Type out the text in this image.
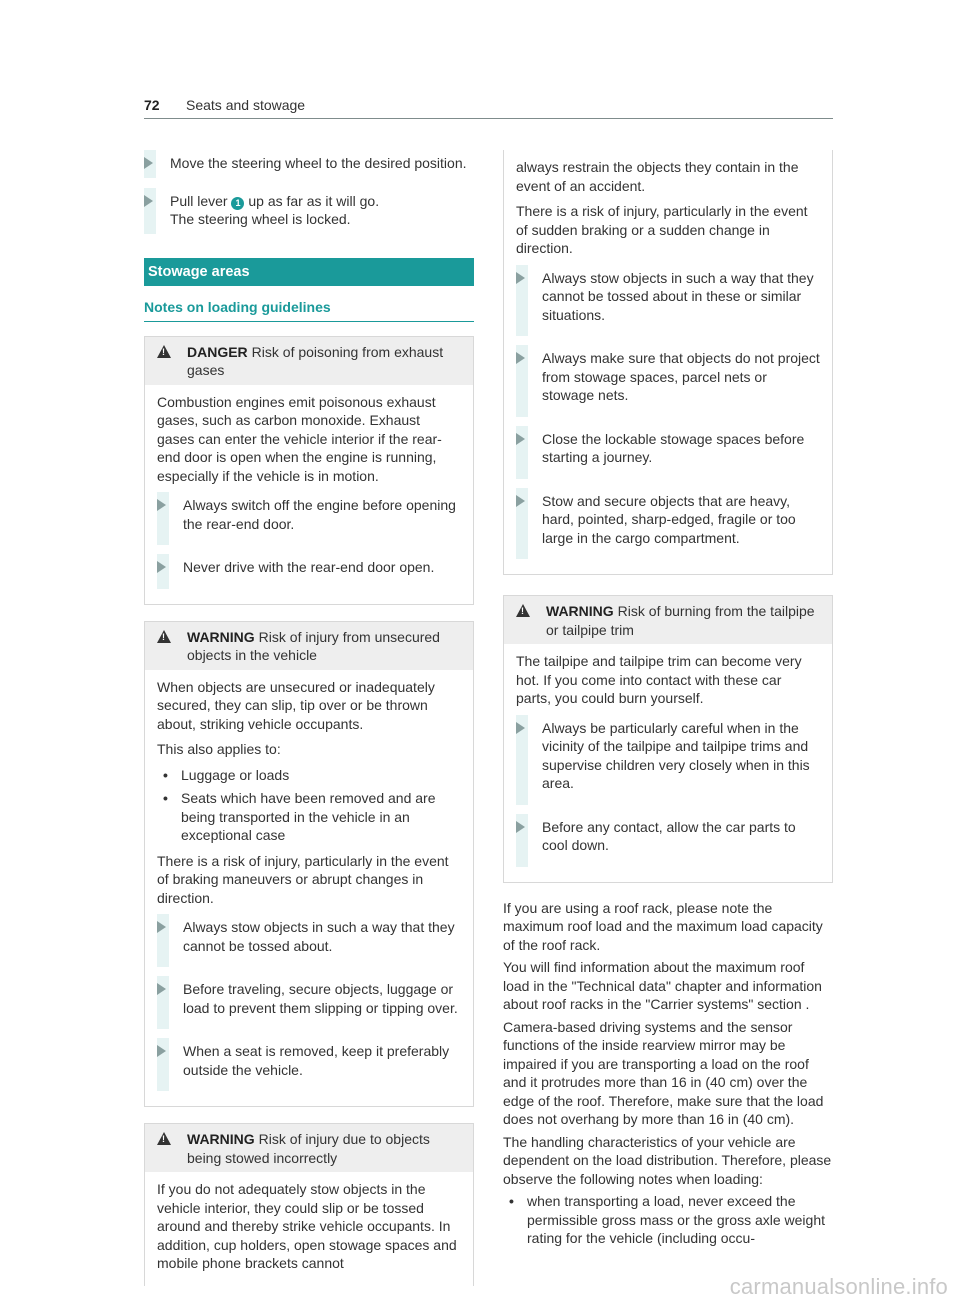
72 Seats and stowage

Move the steering wheel to the desired position.

Pull lever 1 up as far as it will go.

The steering wheel is locked.

Stowage areas
Notes on loading guidelines
!
DANGER Risk of poisoning from exhaust gases

Combustion engines emit poisonous exhaust gases, such as carbon monoxide. Exhaust gases can enter the vehicle interior if the rear-end door is open when the engine is running, especially if the vehicle is in motion.

Always switch off the engine before opening the rear-end door.

Never drive with the rear-end door open.

!
WARNING Risk of injury from unsecured objects in the vehicle

When objects are unsecured or inadequately secured, they can slip, tip over or be thrown about, striking vehicle occupants.

This also applies to:

• Luggage or loads
• Seats which have been removed and are being transported in the vehicle in an exceptional case

There is a risk of injury, particularly in the event of braking maneuvers or abrupt changes in direction.

Always stow objects in such a way that they cannot be tossed about.

Before traveling, secure objects, luggage or load to prevent them slipping or tipping over.

When a seat is removed, keep it preferably outside the vehicle.

!
WARNING Risk of injury due to objects being stowed incorrectly

If you do not adequately stow objects in the vehicle interior, they could slip or be tossed around and thereby strike vehicle occupants. In addition, cup holders, open stowage spaces and mobile phone brackets cannot

always restrain the objects they contain in the event of an accident.

There is a risk of injury, particularly in the event of sudden braking or a sudden change in direction.

Always stow objects in such a way that they cannot be tossed about in these or similar situations.

Always make sure that objects do not project from stowage spaces, parcel nets or stowage nets.

Close the lockable stowage spaces before starting a journey.

Stow and secure objects that are heavy, hard, pointed, sharp-edged, fragile or too large in the cargo compartment.

!
WARNING Risk of burning from the tailpipe or tailpipe trim

The tailpipe and tailpipe trim can become very hot. If you come into contact with these car parts, you could burn yourself.

Always be particularly careful when in the vicinity of the tailpipe and tailpipe trims and supervise children very closely when in this area.

Before any contact, allow the car parts to cool down.

If you are using a roof rack, please note the maximum roof load and the maximum load capacity of the roof rack.

You will find information about the maximum roof load in the "Technical data" chapter and information about roof racks in the "Carrier systems" section .

Camera-based driving systems and the sensor functions of the inside rearview mirror may be impaired if you are transporting a load on the roof and it protrudes more than 16 in (40 cm) over the edge of the roof. Therefore, make sure that the load does not overhang by more than 16 in (40 cm).

The handling characteristics of your vehicle are dependent on the load distribution. Therefore, please observe the following notes when loading:

• when transporting a load, never exceed the permissible gross mass or the gross axle weight rating for the vehicle (including occu-
carmanualsonline.info
